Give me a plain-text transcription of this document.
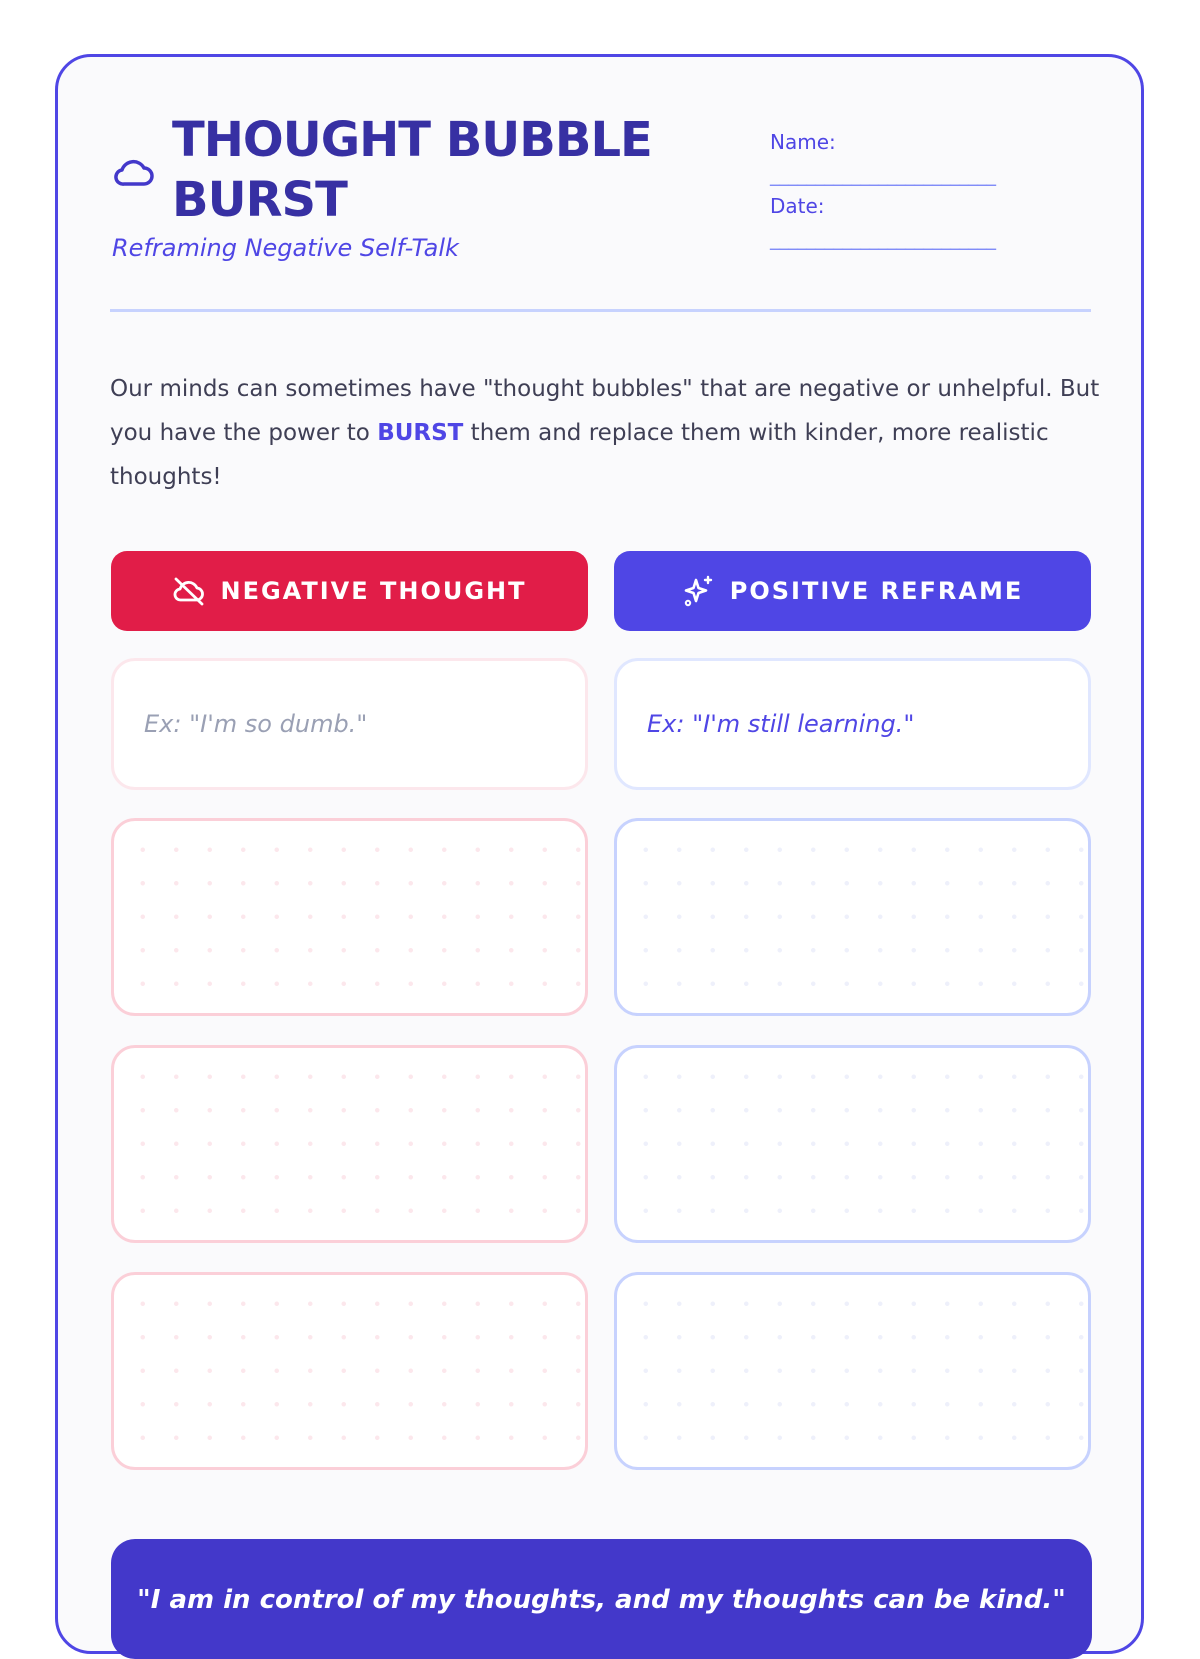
THOUGHT BUBBLE BURST
Reframing Negative Self-Talk
Name:
_________________________
Date:
_________________________

Our minds can sometimes have "thought bubbles" that are negative or unhelpful. But you have the power to BURST them and replace them with kinder, more realistic thoughts!

NEGATIVE THOUGHT	POSITIVE REFRAME
Ex: "I'm so dumb."	Ex: "I'm still learning."
"I am in control of my thoughts, and my thoughts can be kind."
